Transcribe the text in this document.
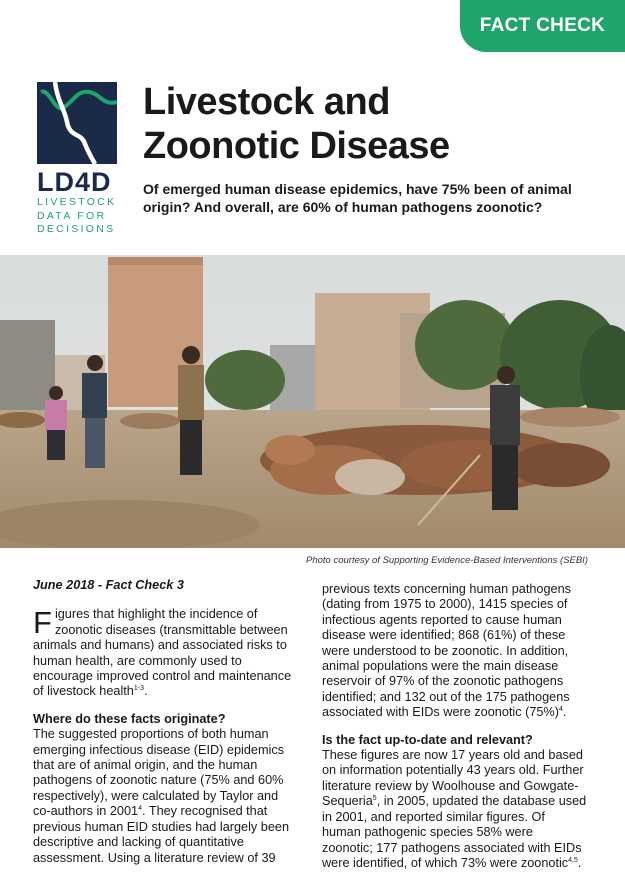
FACT CHECK
LD4D
LIVESTOCK
DATA FOR
DECISIONS
Livestock and
Zoonotic Disease
Of emerged human disease epidemics, have 75% been of animal origin? And overall, are 60% of human pathogens zoonotic?
Photo courtesy of Supporting Evidence-Based Interventions (SEBI)

June 2018 - Fact Check 3

Figures that highlight the incidence of zoonotic diseases (transmittable between animals and humans) and associated risks to human health, are commonly used to encourage improved control and maintenance of livestock health$^{1-3}$.

Where do these facts originate?

The suggested proportions of both human emerging infectious disease (EID) epidemics that are of animal origin, and the human pathogens of zoonotic nature (75% and 60% respectively), were calculated by Taylor and co-authors in 2001$^4$. They recognised that previous human EID studies had largely been descriptive and lacking of quantitative assessment. Using a literature review of 39

previous texts concerning human pathogens (dating from 1975 to 2000), 1415 species of infectious agents reported to cause human disease were identified; 868 (61%) of these were understood to be zoonotic. In addition, animal populations were the main disease reservoir of 97% of the zoonotic pathogens identified; and 132 out of the 175 pathogens associated with EIDs were zoonotic $(75\%)^4$.

Is the fact up-to-date and relevant?

These figures are now 17 years old and based on information potentially 43 years old. Further literature review by Woolhouse and Gowgate-Sequeria$^5$, in 2005, updated the database used in 2001, and reported similar figures. Of human pathogenic species 58% were zoonotic; 177 pathogens associated with EIDs were identified, of which 73% were zoonotic$^{4,5}$.
